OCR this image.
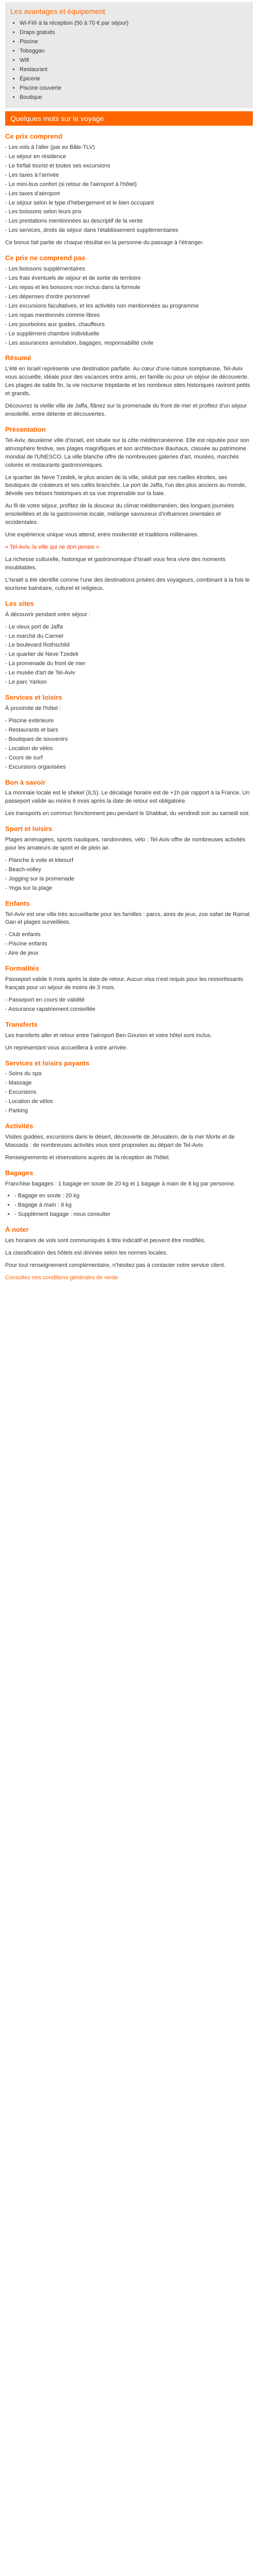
Les avantages et équipement
• Wi-Fi® à la réception (50 à 70 € par séjour)
• Draps gratuits
• Piscine
• Toboggan
• Wifi
• Restaurant
• Épicerie
• Piscine couverte
• Boutique
Quelques mots sur le voyage
Ce prix comprend
- Les vols à l'aller (par ex Bâle-TLV)
- Le séjour en résidence
- Le forfait tourist et toutes ses excursions
- Les taxes à l'arrivée
- Le mini-bus confort (si retour de l'aéroport à l'hôtel)
- Les taxes d'aéroport
- Le séjour selon le type d'hébergement et le bien occupant
- Les boissons selon leurs prix
- Les prestations mentionnées au descriptif de la vente
- Les services, droits de séjour dans l'établissement supplémentaires

Ce bonus fait partie de chaque résultat en la personne du passage à l'étranger.

Ce prix ne comprend pas
- Les boissons supplémentaires
- Les frais éventuels de séjour et de sortie de territoire
- Les repas et les boissons non inclus dans la formule
- Les dépenses d'ordre personnel
- Les excursions facultatives, et les activités non mentionnées au programme
- Les repas mentionnés comme libres
- Les pourboires aux guides, chauffeurs
- Le supplément chambre individuelle
- Les assurances annulation, bagages, responsabilité civile
Résumé

L'été en Israël représente une destination parfaite. Au cœur d'une nature somptueuse, Tel-Aviv vous accueille, idéale pour des vacances entre amis, en famille ou pour un séjour de découverte. Les plages de sable fin, la vie nocturne trépidante et les nombreux sites historiques raviront petits et grands.

Découvrez la vieille ville de Jaffa, flânez sur la promenade du front de mer et profitez d'un séjour ensoleillé, entre détente et découvertes.

Présentation

Tel-Aviv, deuxième ville d'Israël, est située sur la côte méditerranéenne. Elle est réputée pour son atmosphère festive, ses plages magnifiques et son architecture Bauhaus, classée au patrimoine mondial de l'UNESCO. La ville blanche offre de nombreuses galeries d'art, musées, marchés colorés et restaurants gastronomiques.

Le quartier de Neve Tzedek, le plus ancien de la ville, séduit par ses ruelles étroites, ses boutiques de créateurs et ses cafés branchés. Le port de Jaffa, l'un des plus anciens au monde, dévoile ses trésors historiques et sa vue imprenable sur la baie.

Au fil de votre séjour, profitez de la douceur du climat méditerranéen, des longues journées ensoleillées et de la gastronomie locale, mélange savoureux d'influences orientales et occidentales.

Une expérience unique vous attend, entre modernité et traditions millénaires.

« Tel-Aviv, la ville qui ne dort jamais »

La richesse culturelle, historique et gastronomique d'Israël vous fera vivre des moments inoubliables.

L'Israël a été identifié comme l'une des destinations prisées des voyageurs, combinant à la fois le tourisme balnéaire, culturel et religieux.

Les sites

À découvrir pendant votre séjour :

- Le vieux port de Jaffa
- Le marché du Carmel
- Le boulevard Rothschild
- Le quartier de Neve Tzedek
- La promenade du front de mer
- Le musée d'art de Tel-Aviv
- Le parc Yarkon
Services et loisirs

À proximité de l'hôtel :

- Piscine extérieure
- Restaurants et bars
- Boutiques de souvenirs
- Location de vélos
- Cours de surf
- Excursions organisées
Bon à savoir

La monnaie locale est le shekel (ILS). Le décalage horaire est de +1h par rapport à la France. Un passeport valide au moins 6 mois après la date de retour est obligatoire.

Les transports en commun fonctionnent peu pendant le Shabbat, du vendredi soir au samedi soir.

Sport et loisirs

Plages aménagées, sports nautiques, randonnées, vélo : Tel-Aviv offre de nombreuses activités pour les amateurs de sport et de plein air.

- Planche à voile et kitesurf
- Beach-volley
- Jogging sur la promenade
- Yoga sur la plage
Enfants

Tel-Aviv est une ville très accueillante pour les familles : parcs, aires de jeux, zoo safari de Ramat Gan et plages surveillées.

- Club enfants
- Piscine enfants
- Aire de jeux
Formalités

Passeport valide 6 mois après la date de retour. Aucun visa n'est requis pour les ressortissants français pour un séjour de moins de 3 mois.

- Passeport en cours de validité
- Assurance rapatriement conseillée
Transferts

Les transferts aller et retour entre l'aéroport Ben Gourion et votre hôtel sont inclus.

Un représentant vous accueillera à votre arrivée.

Services et loisirs payants
- Soins du spa
- Massage
- Excursions
- Location de vélos
- Parking
Activités

Visites guidées, excursions dans le désert, découverte de Jérusalem, de la mer Morte et de Massada : de nombreuses activités vous sont proposées au départ de Tel-Aviv.

Renseignements et réservations auprès de la réception de l'hôtel.

Bagages

Franchise bagages : 1 bagage en soute de 20 kg et 1 bagage à main de 8 kg par personne.

• - Bagage en soute : 20 kg
• - Bagage à main : 8 kg
• - Supplément bagage : nous consulter
À noter

Les horaires de vols sont communiqués à titre indicatif et peuvent être modifiés.

La classification des hôtels est donnée selon les normes locales.

Pour tout renseignement complémentaire, n'hésitez pas à contacter notre service client.

Consultez nos conditions générales de vente
